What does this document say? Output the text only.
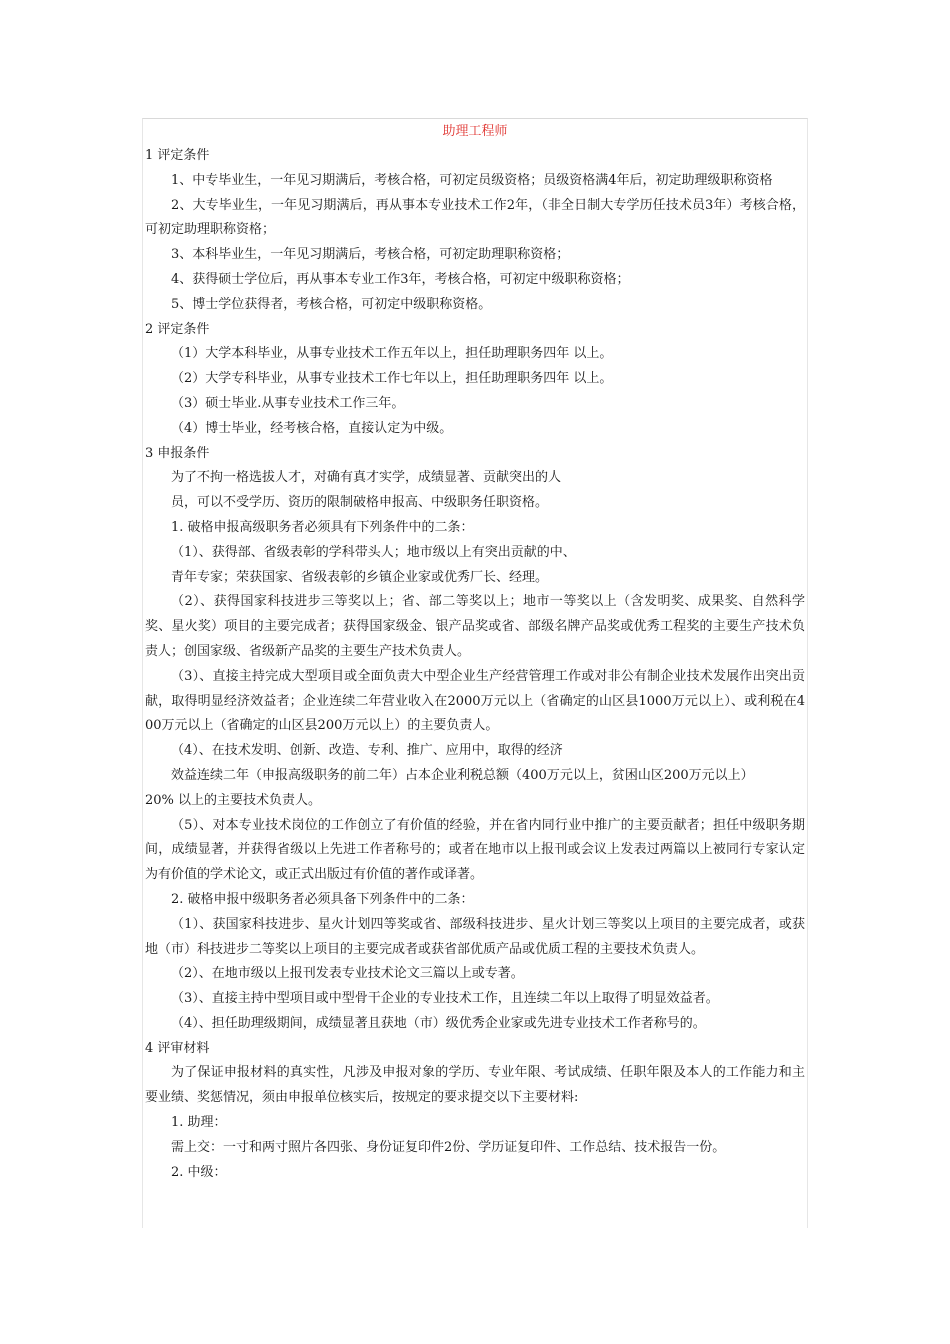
助理工程师

1 评定条件

1、中专毕业生，一年见习期满后，考核合格，可初定员级资格；员级资格满4年后，初定助理级职称资格

2、大专毕业生，一年见习期满后，再从事本专业技术工作2年，（非全日制大专学历任技术员3年）考核合格，可初定助理职称资格；

3、本科毕业生，一年见习期满后，考核合格，可初定助理职称资格；

4、获得硕士学位后，再从事本专业工作3年，考核合格，可初定中级职称资格；

5、博士学位获得者，考核合格，可初定中级职称资格。

2 评定条件

（1）大学本科毕业，从事专业技术工作五年以上，担任助理职务四年 以上。

（2）大学专科毕业，从事专业技术工作七年以上，担任助理职务四年 以上。

（3）硕士毕业.从事专业技术工作三年。

（4）博士毕业，经考核合格，直接认定为中级。

3 申报条件

为了不拘一格选拔人才，对确有真才实学，成绩显著、贡献突出的人

员，可以不受学历、资历的限制破格申报高、中级职务任职资格。

1. 破格申报高级职务者必须具有下列条件中的二条：

（1）、获得部、省级表彰的学科带头人；地市级以上有突出贡献的中、

青年专家；荣获国家、省级表彰的乡镇企业家或优秀厂长、经理。

（2）、获得国家科技进步三等奖以上；省、部二等奖以上；地市一等奖以上（含发明奖、成果奖、自然科学奖、星火奖）项目的主要完成者；获得国家级金、银产品奖或省、部级名牌产品奖或优秀工程奖的主要生产技术负责人；创国家级、省级新产品奖的主要生产技术负责人。

（3）、直接主持完成大型项目或全面负责大中型企业生产经营管理工作或对非公有制企业技术发展作出突出贡献，取得明显经济效益者；企业连续二年营业收入在2000万元以上（省确定的山区县1000万元以上）、或利税在400万元以上（省确定的山区县200万元以上）的主要负责人。

（4）、在技术发明、创新、改造、专利、推广、应用中，取得的经济

效益连续二年（申报高级职务的前二年）占本企业利税总额（400万元以上，贫困山区200万元以上）

20% 以上的主要技术负责人。

（5）、对本专业技术岗位的工作创立了有价值的经验，并在省内同行业中推广的主要贡献者；担任中级职务期间，成绩显著，并获得省级以上先进工作者称号的；或者在地市以上报刊或会议上发表过两篇以上被同行专家认定为有价值的学术论文，或正式出版过有价值的著作或译著。

2. 破格申报中级职务者必须具备下列条件中的二条：

（1）、获国家科技进步、星火计划四等奖或省、部级科技进步、星火计划三等奖以上项目的主要完成者，或获地（市）科技进步二等奖以上项目的主要完成者或获省部优质产品或优质工程的主要技术负责人。

（2）、在地市级以上报刊发表专业技术论文三篇以上或专著。

（3）、直接主持中型项目或中型骨干企业的专业技术工作，且连续二年以上取得了明显效益者。

（4）、担任助理级期间，成绩显著且获地（市）级优秀企业家或先进专业技术工作者称号的。

4 评审材料

为了保证申报材料的真实性，凡涉及申报对象的学历、专业年限、考试成绩、任职年限及本人的工作能力和主要业绩、奖惩情况，须由申报单位核实后，按规定的要求提交以下主要材料:

1. 助理：

需上交：一寸和两寸照片各四张、身份证复印件2份、学历证复印件、工作总结、技术报告一份。

2. 中级：
